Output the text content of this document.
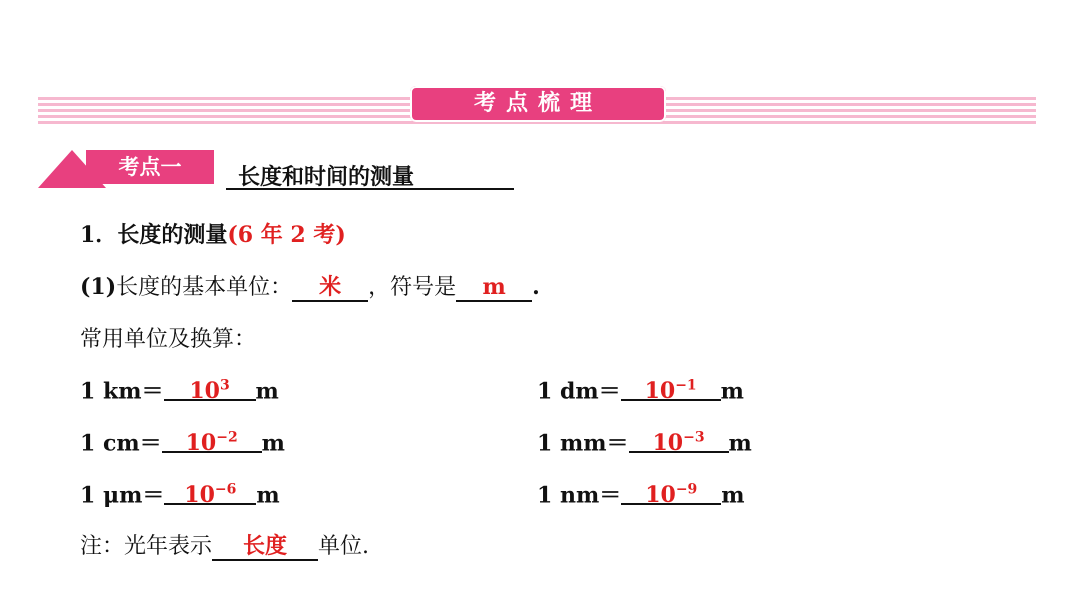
考点梳理
考点一	长度和时间的测量
1．长度的测量(6 年 2 考)
(1)长度的基本单位： 米 ，符号是 m .
常用单位及换算：
1 $km= 10^3$ m	1 $dm= 10^{-1}$ m
1 $cm= 10^{-2}$ m	1 $mm= 10^{-3}$ m
1 $\mu m= 10^{-6}$ m	1 $nm= 10^{-9}$ m
注：光年表示 长度 单位.
